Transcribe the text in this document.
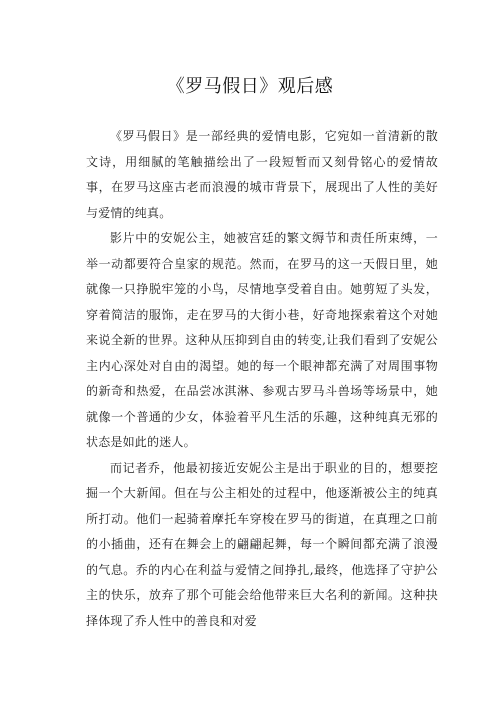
《罗马假日》观后感

《罗马假日》是一部经典的爱情电影，它宛如一首清新的散文诗，用细腻的笔触描绘出了一段短暂而又刻骨铭心的爱情故事，在罗马这座古老而浪漫的城市背景下，展现出了人性的美好与爱情的纯真。

影片中的安妮公主，她被宫廷的繁文缛节和责任所束缚，一举一动都要符合皇家的规范。然而，在罗马的这一天假日里，她就像一只挣脱牢笼的小鸟，尽情地享受着自由。她剪短了头发，穿着简洁的服饰，走在罗马的大街小巷，好奇地探索着这个对她来说全新的世界。这种从压抑到自由的转变,让我们看到了安妮公主内心深处对自由的渴望。她的每一个眼神都充满了对周围事物的新奇和热爱，在品尝冰淇淋、参观古罗马斗兽场等场景中，她就像一个普通的少女，体验着平凡生活的乐趣，这种纯真无邪的状态是如此的迷人。

而记者乔，他最初接近安妮公主是出于职业的目的，想要挖掘一个大新闻。但在与公主相处的过程中，他逐渐被公主的纯真所打动。他们一起骑着摩托车穿梭在罗马的街道，在真理之口前的小插曲，还有在舞会上的翩翩起舞，每一个瞬间都充满了浪漫的气息。乔的内心在利益与爱情之间挣扎,最终，他选择了守护公主的快乐，放弃了那个可能会给他带来巨大名利的新闻。这种抉择体现了乔人性中的善良和对爱
